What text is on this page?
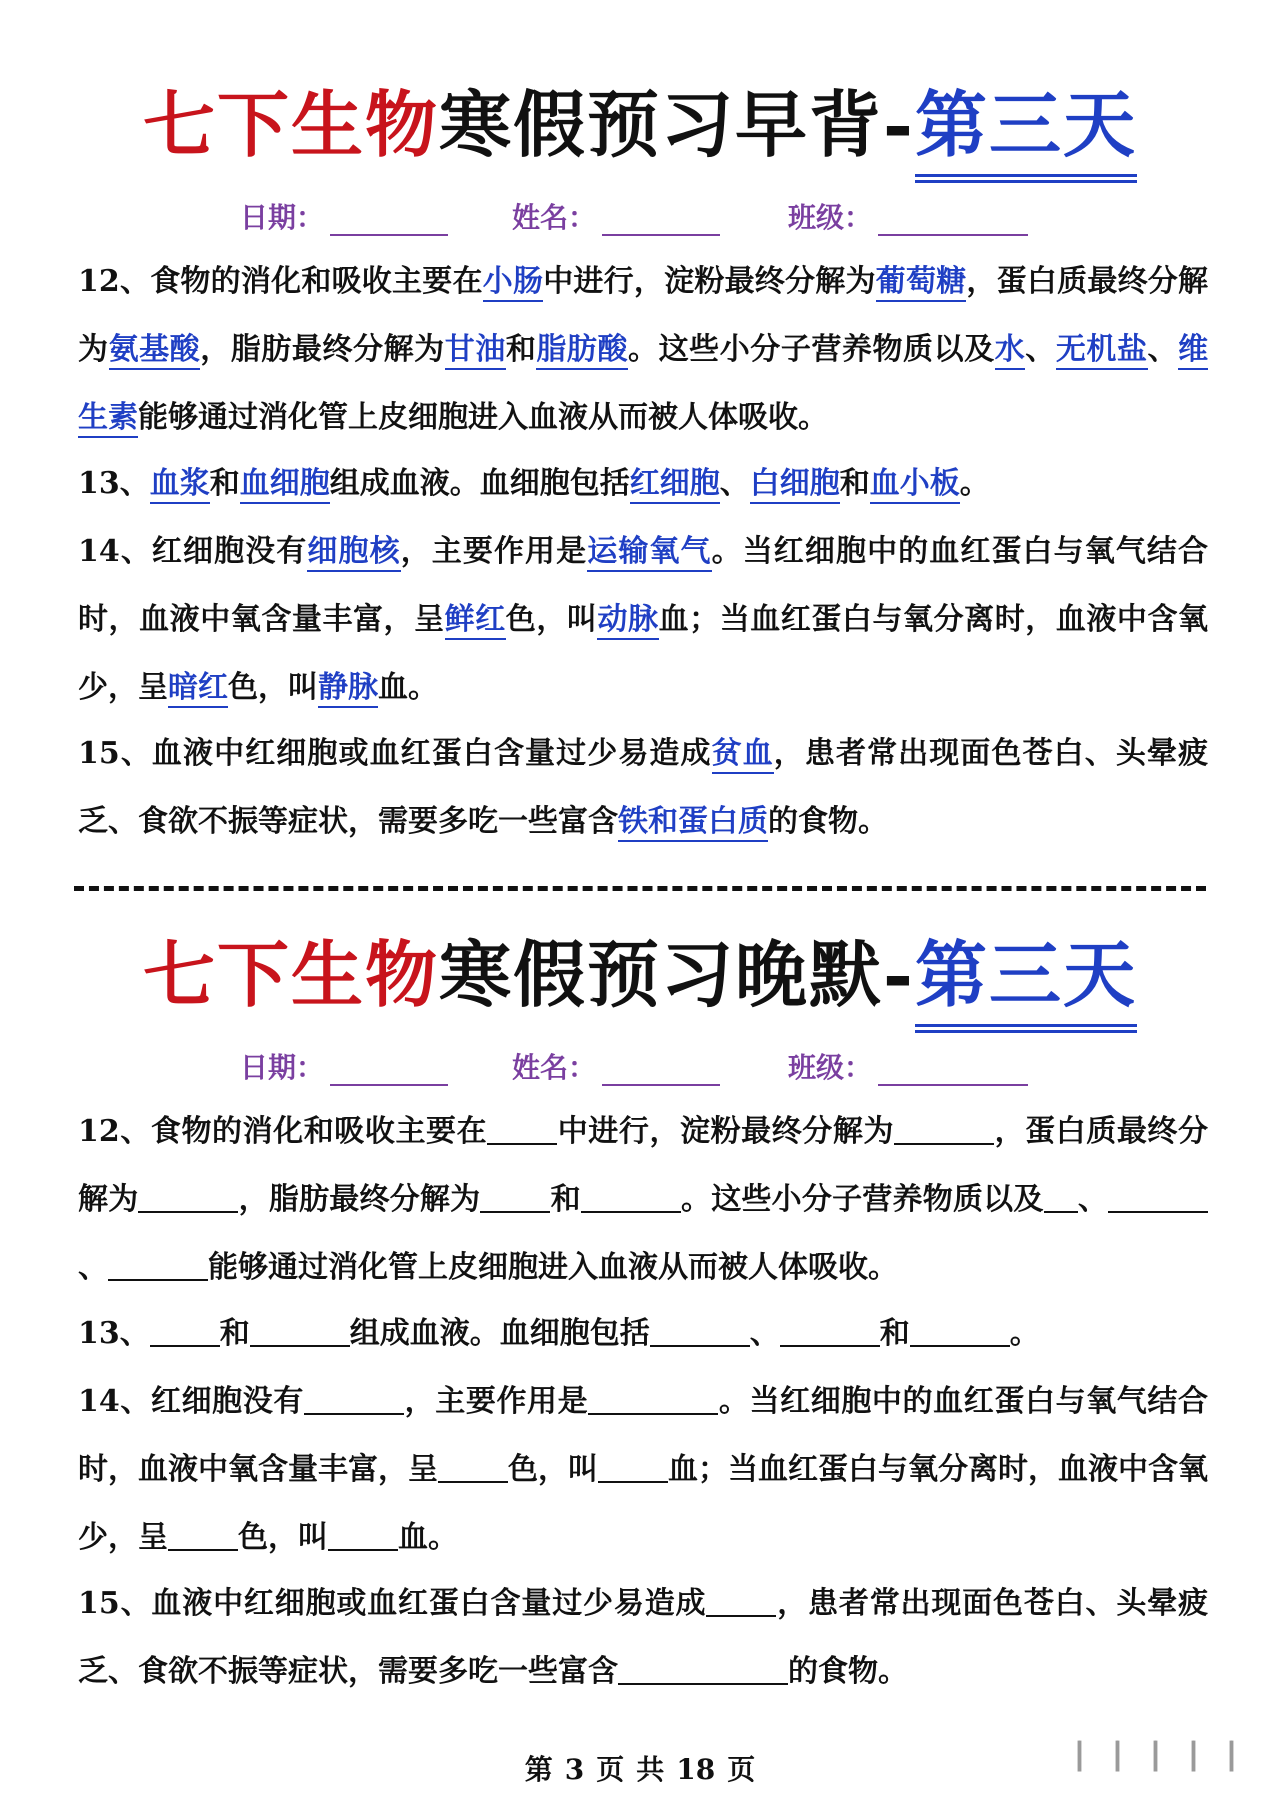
七下生物寒假预习早背-第三天
日期：	姓名：	班级：
12、食物的消化和吸收主要在小肠中进行，淀粉最终分解为葡萄糖，蛋白质最终分解为氨基酸，脂肪最终分解为甘油和脂肪酸。这些小分子营养物质以及水、无机盐、维生素能够通过消化管上皮细胞进入血液从而被人体吸收。
13、血浆和血细胞组成血液。血细胞包括红细胞、白细胞和血小板。
14、红细胞没有细胞核，主要作用是运输氧气。当红细胞中的血红蛋白与氧气结合时，血液中氧含量丰富，呈鲜红色，叫动脉血；当血红蛋白与氧分离时，血液中含氧少，呈暗红色，叫静脉血。
15、血液中红细胞或血红蛋白含量过少易造成贫血，患者常出现面色苍白、头晕疲乏、食欲不振等症状，需要多吃一些富含铁和蛋白质的食物。
七下生物寒假预习晚默-第三天
日期：	姓名：	班级：
12、食物的消化和吸收主要在 中进行，淀粉最终分解为	，蛋白质最终分解为	，脂肪最终分解为 和	。这些小分子营养物质以及 、、	能够通过消化管上皮细胞进入血液从而被人体吸收。
13、 和	组成血液。血细胞包括	、	和	。
14、红细胞没有	，主要作用是	。当红细胞中的血红蛋白与氧气结合时，血液中氧含量丰富，呈 色，叫 血；当血红蛋白与氧分离时，血液中含氧少，呈 色，叫 血。
15、血液中红细胞或血红蛋白含量过少易造成 ，患者常出现面色苍白、头晕疲乏、食欲不振等症状，需要多吃一些富含	的食物。
第 3 页 共 18 页	▕▏▕▏▕▏▕▏▕▏
